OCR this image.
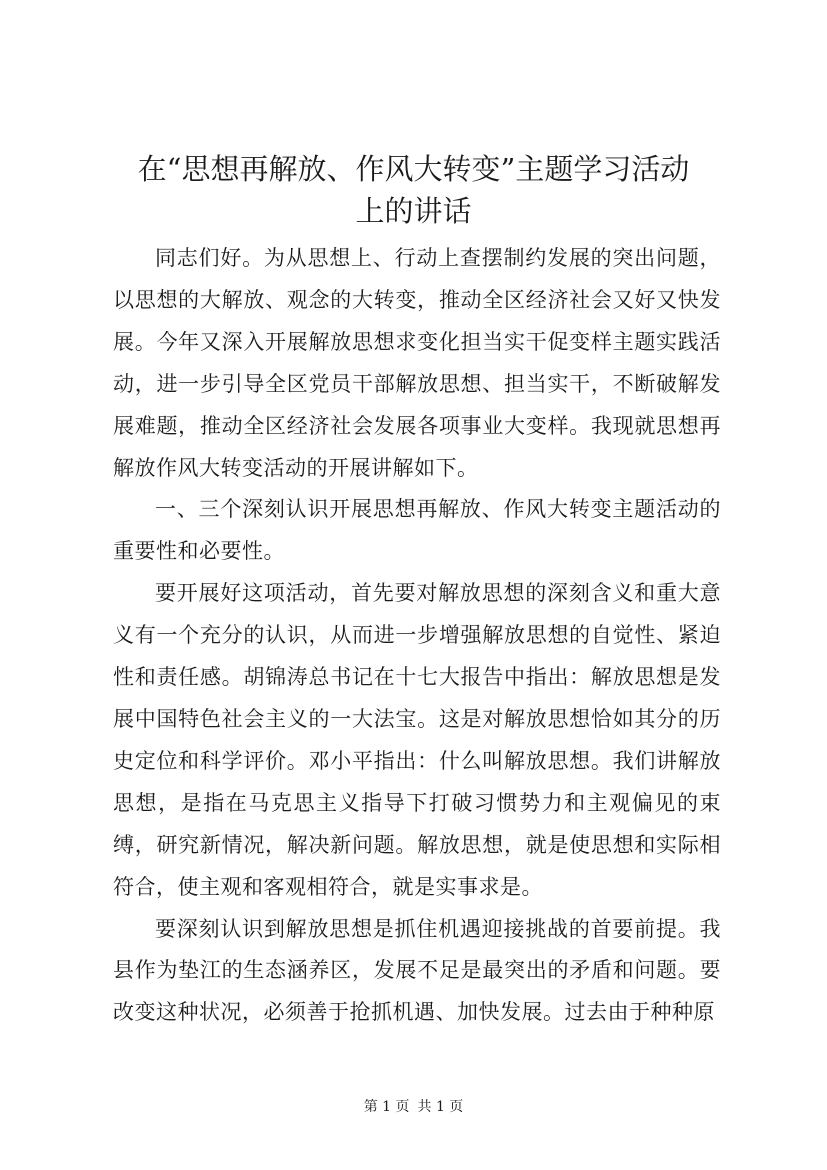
在“思想再解放、作风大转变”主题学习活动
上的讲话

同志们好。为从思想上、行动上查摆制约发展的突出问题，以思想的大解放、观念的大转变，推动全区经济社会又好又快发展。今年又深入开展解放思想求变化担当实干促变样主题实践活动，进一步引导全区党员干部解放思想、担当实干，不断破解发展难题，推动全区经济社会发展各项事业大变样。我现就思想再解放作风大转变活动的开展讲解如下。

一、三个深刻认识开展思想再解放、作风大转变主题活动的重要性和必要性。

要开展好这项活动，首先要对解放思想的深刻含义和重大意义有一个充分的认识，从而进一步增强解放思想的自觉性、紧迫性和责任感。胡锦涛总书记在十七大报告中指出：解放思想是发展中国特色社会主义的一大法宝。这是对解放思想恰如其分的历史定位和科学评价。邓小平指出：什么叫解放思想。我们讲解放思想，是指在马克思主义指导下打破习惯势力和主观偏见的束缚，研究新情况，解决新问题。解放思想，就是使思想和实际相符合，使主观和客观相符合，就是实事求是。

要深刻认识到解放思想是抓住机遇迎接挑战的首要前提。我县作为垫江的生态涵养区，发展不足是最突出的矛盾和问题。要改变这种状况，必须善于抢抓机遇、加快发展。过去由于种种原

第 1 页 共 1 页
